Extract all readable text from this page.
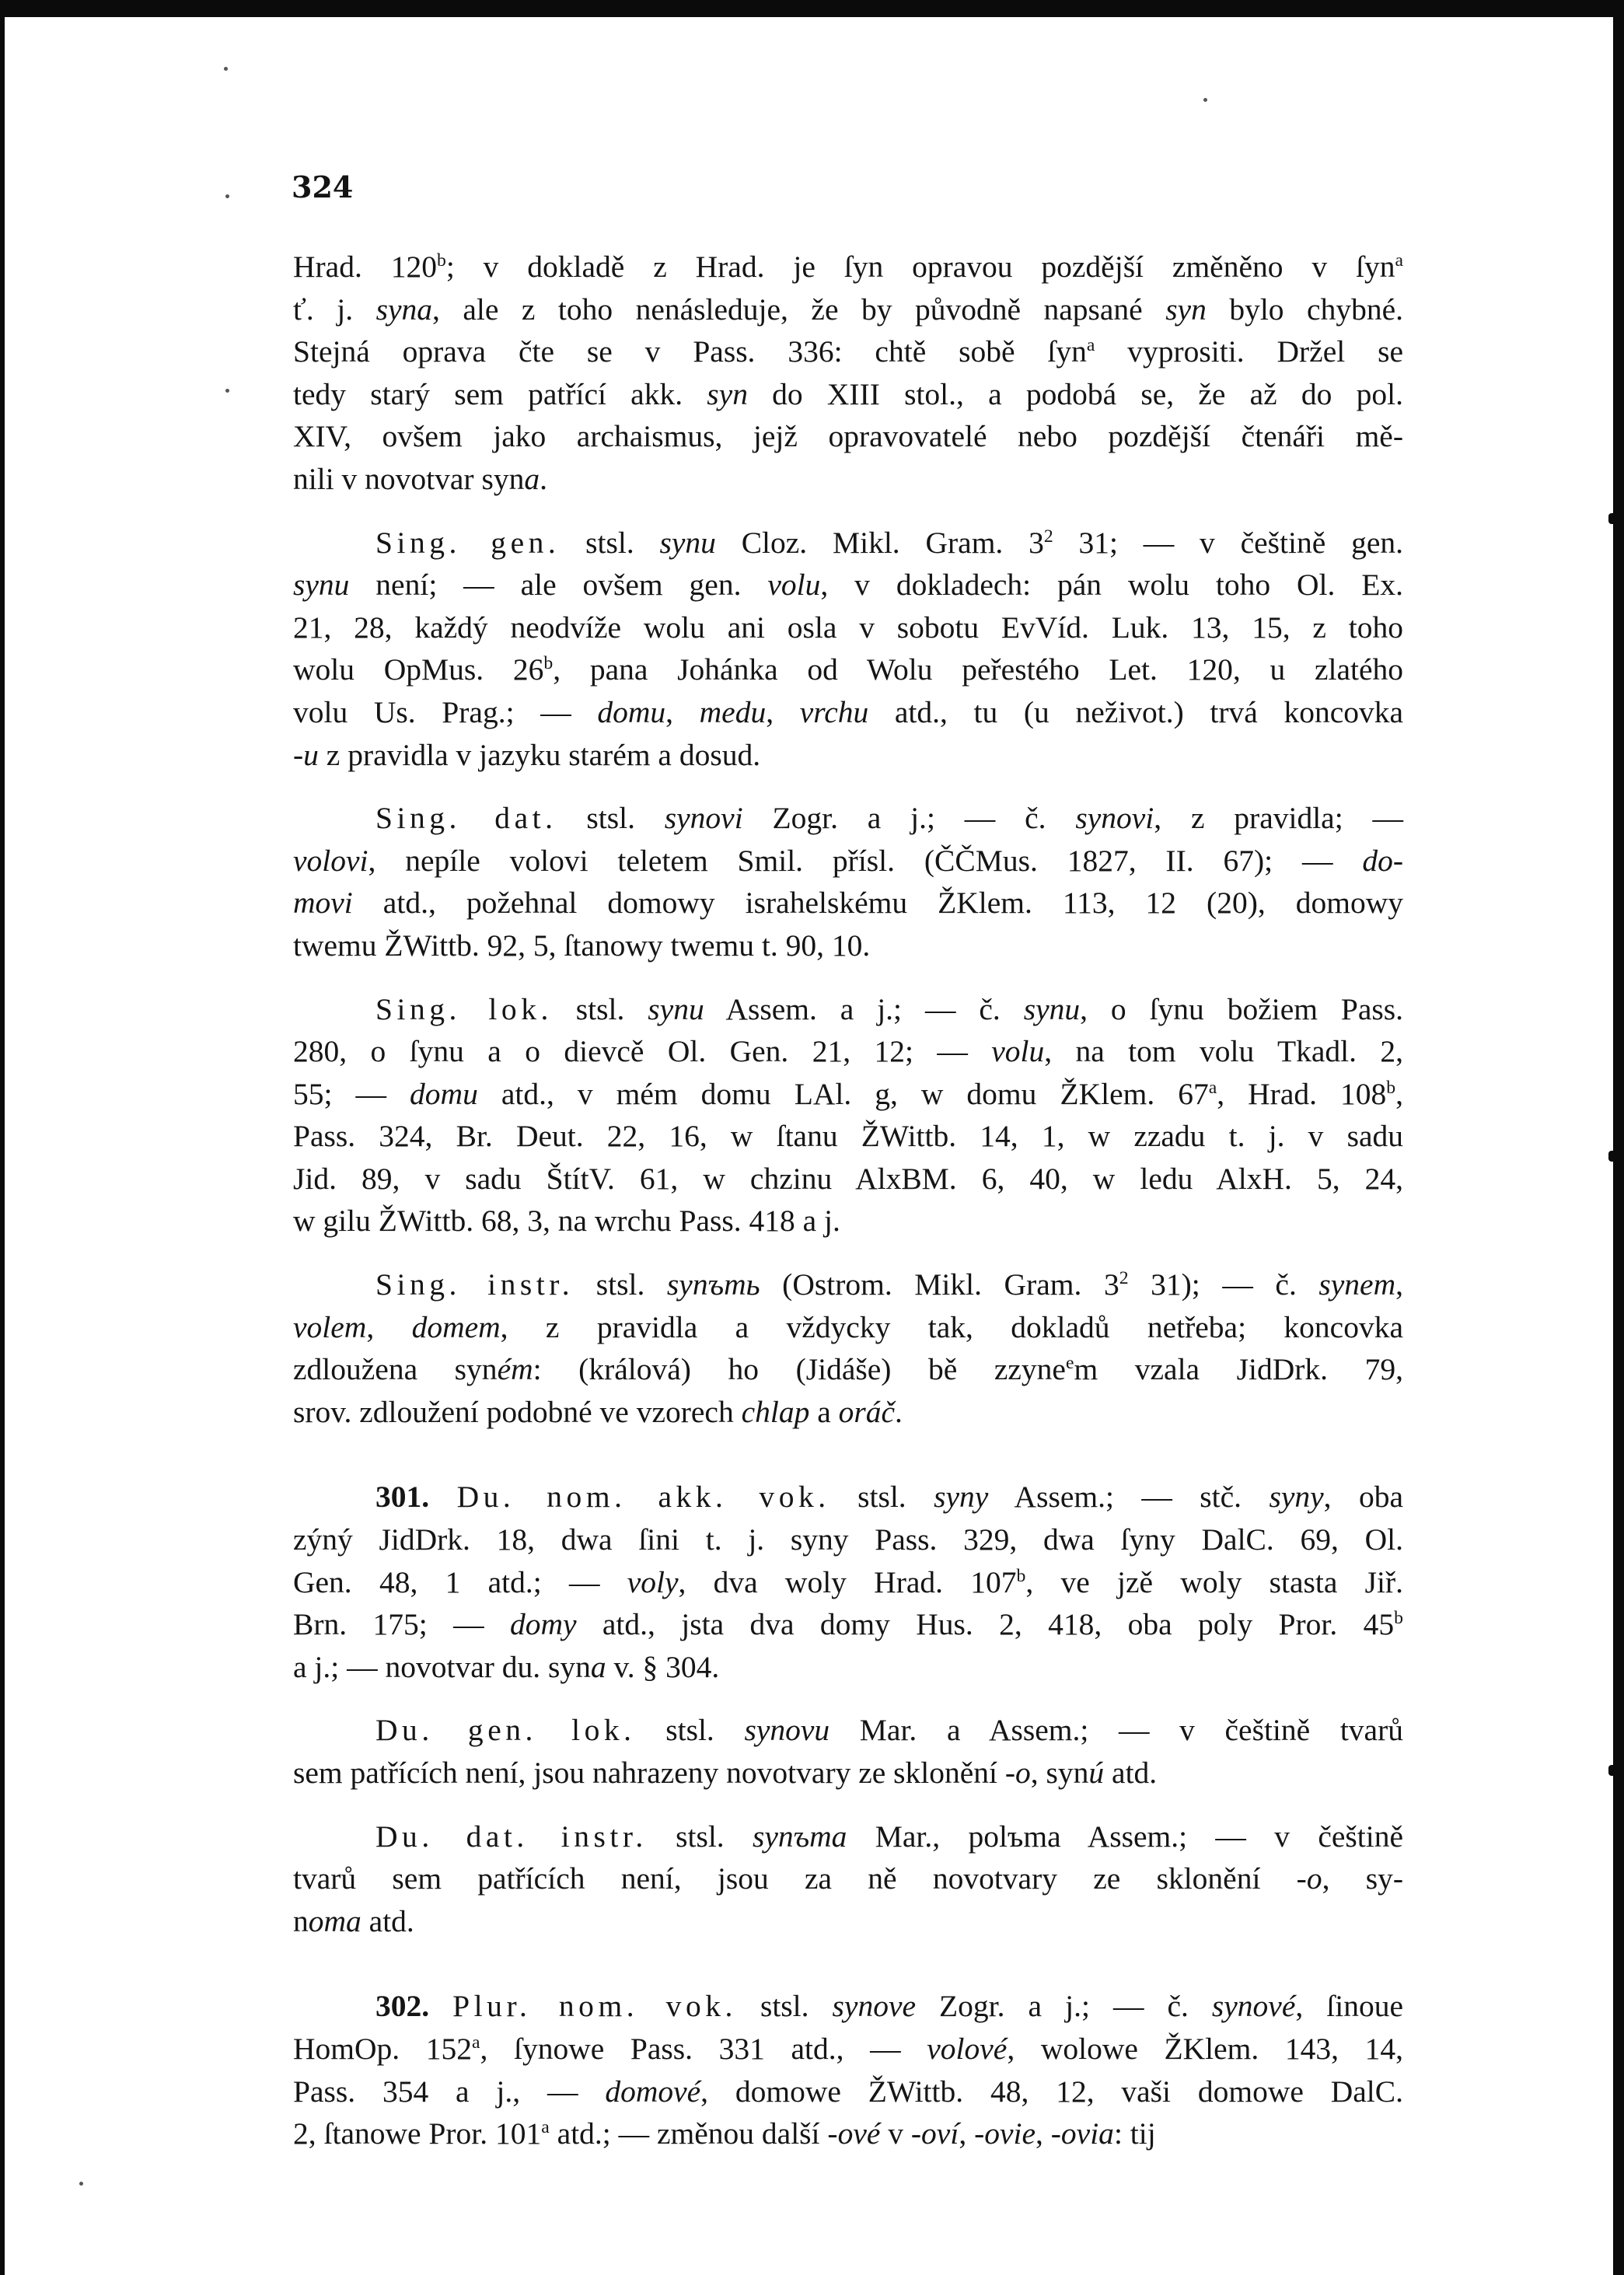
324
Hrad. 120$^b$; v dokladě z Hrad. je ſyn opravou pozdější změněno v ſyn$^a$
ť. j. syna, ale z toho nenásleduje, že by původně napsané syn bylo chybné.
Stejná oprava čte se v Pass. 336: chtě sobě ſyn$^a$ vyprositi. Držel se
tedy starý sem patřící akk. syn do XIII stol., a podobá se, že až do pol.
XIV, ovšem jako archaismus, jejž opravovatelé nebo pozdější čtenáři mě-
nili v novotvar syna.
Sing. gen. stsl. synu Cloz. Mikl. Gram. $3^2$ 31; — v češtině gen.
synu není; — ale ovšem gen. volu, v dokladech: pán wolu toho Ol. Ex.
21, 28, každý neodvíže wolu ani osla v sobotu EvVíd. Luk. 13, 15, z toho
wolu OpMus. 26$^b$, pana Johánka od Wolu peřestého Let. 120, u zlatého
volu Us. Prag.; — domu, medu, vrchu atd., tu (u neživot.) trvá koncovka
-u z pravidla v jazyku starém a dosud.
Sing. dat. stsl. synovi Zogr. a j.; — č. synovi, z pravidla; —
volovi, nepíle volovi teletem Smil. přísl. (ČČMus. 1827, II. 67); — do-
movi atd., požehnal domowy israhelskému ŽKlem. 113, 12 (20), domowy
twemu ŽWittb. 92, 5, ſtanowy twemu t. 90, 10.
Sing. lok. stsl. synu Assem. a j.; — č. synu, o ſynu božiem Pass.
280, o ſynu a o dievcě Ol. Gen. 21, 12; — volu, na tom volu Tkadl. 2,
55; — domu atd., v mém domu LAl. g, w domu ŽKlem. 67$^a$, Hrad. 108$^b$,
Pass. 324, Br. Deut. 22, 16, w ſtanu ŽWittb. 14, 1, w zzadu t. j. v sadu
Jid. 89, v sadu ŠtítV. 61, w chzinu AlxBM. 6, 40, w ledu AlxH. 5, 24,
w gilu ŽWittb. 68, 3, na wrchu Pass. 418 a j.
Sing. instr. stsl. synъmь (Ostrom. Mikl. Gram. $3^2$ 31); — č. synem,
volem, domem, z pravidla a vždycky tak, dokladů netřeba; koncovka
zdloužena syném: (králová) ho (Jidáše) bě zzyne$^e$m vzala JidDrk. 79,
srov. zdloužení podobné ve vzorech chlap a oráč.
301. Du. nom. akk. vok. stsl. syny Assem.; — stč. syny, oba
zýný JidDrk. 18, dwa ſini t. j. syny Pass. 329, dwa ſyny DalC. 69, Ol.
Gen. 48, 1 atd.; — voly, dva woly Hrad. 107$^b$, ve jzě woly stasta Jiř.
Brn. 175; — domy atd., jsta dva domy Hus. 2, 418, oba poly Pror. 45$^b$
a j.; — novotvar du. syna v. § 304.
Du. gen. lok. stsl. synovu Mar. a Assem.; — v češtině tvarů
sem patřících není, jsou nahrazeny novotvary ze sklonění -o, synú atd.
Du. dat. instr. stsl. synъma Mar., polъma Assem.; — v češtině
tvarů sem patřících není, jsou za ně novotvary ze sklonění -o, sy-
noma atd.
302. Plur. nom. vok. stsl. synove Zogr. a j.; — č. synové, ſinoue
HomOp. 152$^a$, ſynowe Pass. 331 atd., — volové, wolowe ŽKlem. 143, 14,
Pass. 354 a j., — domové, domowe ŽWittb. 48, 12, vaši domowe DalC.
2, ſtanowe Pror. 101$^a$ atd.; — změnou další -ové v -oví, -ovie, -ovia: tij
